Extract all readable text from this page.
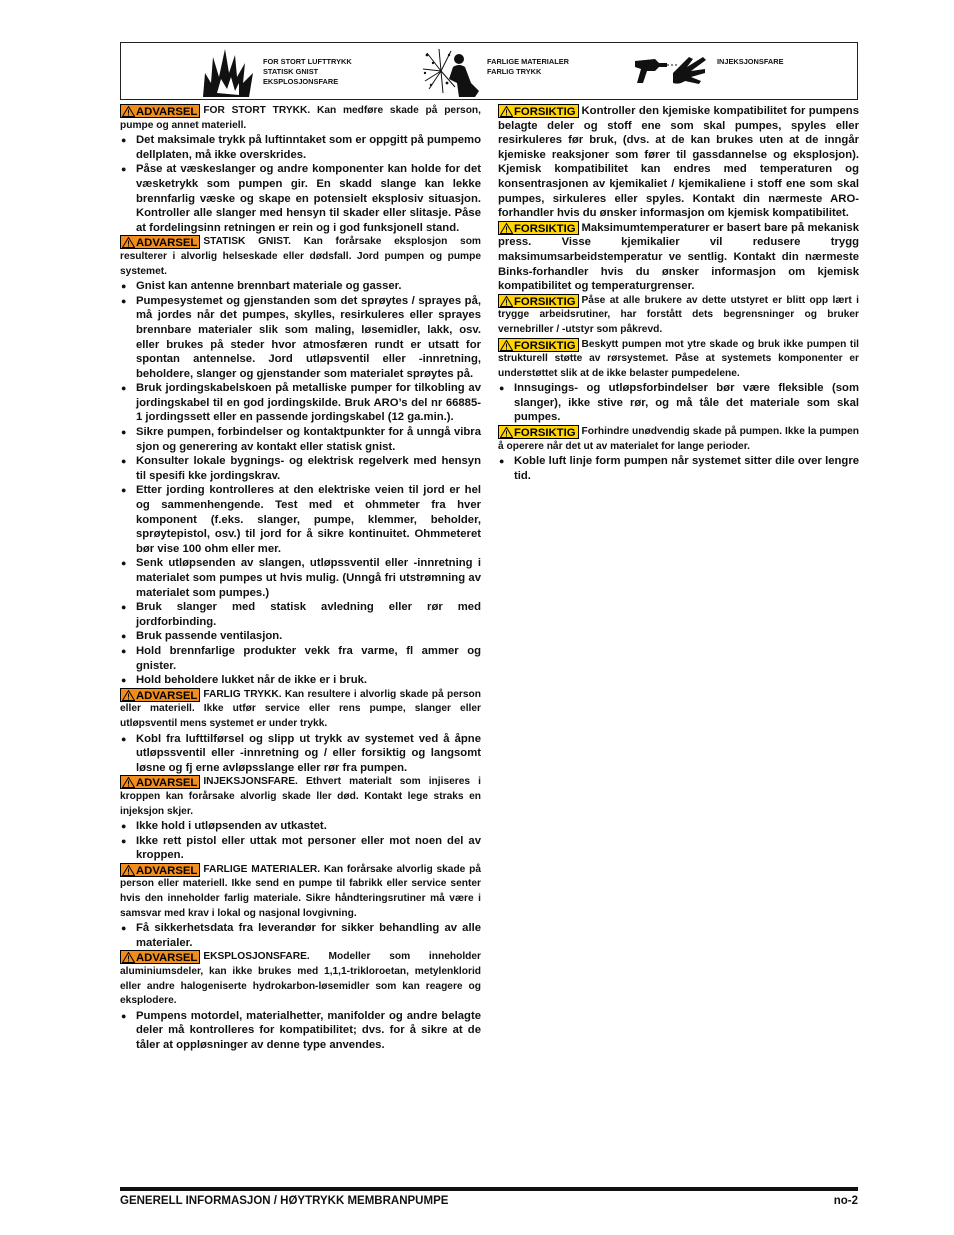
FOR STORT LUFTTRYKK
STATISK GNIST
EKSPLOSJONSFARE
FARLIGE MATERIALER
FARLIG TRYKK
INJEKSJONSFARE

ADVARSEL FOR STORT TRYKK. Kan medføre skade på person, pumpe og annet materiell.

● Det maksimale trykk på luftinntaket som er oppgitt på pumpemo dellplaten, må ikke overskrides.
● Påse at væskeslanger og andre komponenter kan holde for det væsketrykk som pumpen gir. En skadd slange kan lekke brennfarlig væske og skape en potensielt eksplosiv situasjon. Kontroller alle slanger med hensyn til skader eller slitasje. Påse at fordelingsinn retningen er rein og i god funksjonell stand.

ADVARSEL STATISK GNIST. Kan forårsake eksplosjon som resulterer i alvorlig helseskade eller dødsfall. Jord pumpen og pumpe systemet.

● Gnist kan antenne brennbart materiale og gasser.
● Pumpesystemet og gjenstanden som det sprøytes / sprayes på, må jordes når det pumpes, skylles, resirkuleres eller sprayes brennbare materialer slik som maling, løsemidler, lakk, osv. eller brukes på steder hvor atmosfæren rundt er utsatt for spontan antennelse. Jord utløpsventil eller -innretning, beholdere, slanger og gjenstander som materialet sprøytes på.
● Bruk jordingskabelskoen på metalliske pumper for tilkobling av jordingskabel til en god jordingskilde. Bruk ARO’s del nr 66885-1 jordingssett eller en passende jordingskabel (12 ga.min.).
● Sikre pumpen, forbindelser og kontaktpunkter for å unngå vibra sjon og generering av kontakt eller statisk gnist.
● Konsulter lokale bygnings- og elektrisk regelverk med hensyn til spesifi kke jordingskrav.
● Etter jording kontrolleres at den elektriske veien til jord er hel og sammenhengende. Test med et ohmmeter fra hver komponent (f.eks. slanger, pumpe, klemmer, beholder, sprøytepistol, osv.) til jord for å sikre kontinuitet. Ohmmeteret bør vise 100 ohm eller mer.
● Senk utløpsenden av slangen, utløpssventil eller -innretning i materialet som pumpes ut hvis mulig. (Unngå fri utstrømning av materialet som pumpes.)
● Bruk slanger med statisk avledning eller rør med jordforbinding.
● Bruk passende ventilasjon.
● Hold brennfarlige produkter vekk fra varme, fl ammer og gnister.
● Hold beholdere lukket når de ikke er i bruk.

ADVARSEL FARLIG TRYKK. Kan resultere i alvorlig skade på person eller materiell. Ikke utfør service eller rens pumpe, slanger eller utløpsventil mens systemet er under trykk.

● Kobl fra lufttilførsel og slipp ut trykk av systemet ved å åpne utløpssventil eller -innretning og / eller forsiktig og langsomt løsne og fj erne avløpsslange eller rør fra pumpen.

ADVARSEL INJEKSJONSFARE. Ethvert materialt som injiseres i kroppen kan forårsake alvorlig skade ller død. Kontakt lege straks en injeksjon skjer.

● Ikke hold i utløpsenden av utkastet.
● Ikke rett pistol eller uttak mot personer eller mot noen del av kroppen.

ADVARSEL FARLIGE MATERIALER. Kan forårsake alvorlig skade på person eller materiell. Ikke send en pumpe til fabrikk eller service senter hvis den inneholder farlig materiale. Sikre håndteringsrutiner må være i samsvar med krav i lokal og nasjonal lovgivning.

● Få sikkerhetsdata fra leverandør for sikker behandling av alle materialer.

ADVARSEL EKSPLOSJONSFARE. Modeller som inneholder aluminiumsdeler, kan ikke brukes med 1,1,1-trikloroetan, metylenklorid eller andre halogeniserte hydrokarbon-løsemidler som kan reagere og eksplodere.

● Pumpens motordel, materialhetter, manifolder og andre belagte deler må kontrolleres for kompatibilitet; dvs. for å sikre at de tåler at oppløsninger av denne type anvendes.

FORSIKTIG Kontroller den kjemiske kompatibilitet for pumpens belagte deler og stoff ene som skal pumpes, spyles eller resirkuleres før bruk, (dvs. at de kan brukes uten at de inngår kjemiske reaksjoner som fører til gassdannelse og eksplosjon). Kjemisk kompatibilitet kan endres med temperaturen og konsentrasjonen av kjemikaliet / kjemikaliene i stoff ene som skal pumpes, sirkuleres eller spyles. Kontakt din nærmeste ARO-forhandler hvis du ønsker informasjon om kjemisk kompatibilitet.

FORSIKTIG Maksimumtemperaturer er basert bare på mekanisk press. Visse kjemikalier vil redusere trygg maksimumsarbeidstemperatur ve sentlig. Kontakt din nærmeste Binks-forhandler hvis du ønsker informasjon om kjemisk kompatibilitet og temperaturgrenser.

FORSIKTIG Påse at alle brukere av dette utstyret er blitt opp lært i trygge arbeidsrutiner, har forstått dets begrensninger og bruker vernebriller / -utstyr som påkrevd.

FORSIKTIG Beskytt pumpen mot ytre skade og bruk ikke pumpen til strukturell støtte av rørsystemet. Påse at systemets komponenter er understøttet slik at de ikke belaster pumpedelene.

● Innsugings- og utløpsforbindelser bør være fleksible (som slanger), ikke stive rør, og må tåle det materiale som skal pumpes.

FORSIKTIG Forhindre unødvendig skade på pumpen. Ikke la pumpen å operere når det ut av materialet for lange perioder.

● Koble luft linje form pumpen når systemet sitter dile over lengre tid.
GENERELL INFORMASJON / HØYTRYKK MEMBRANPUMPE	no-2
